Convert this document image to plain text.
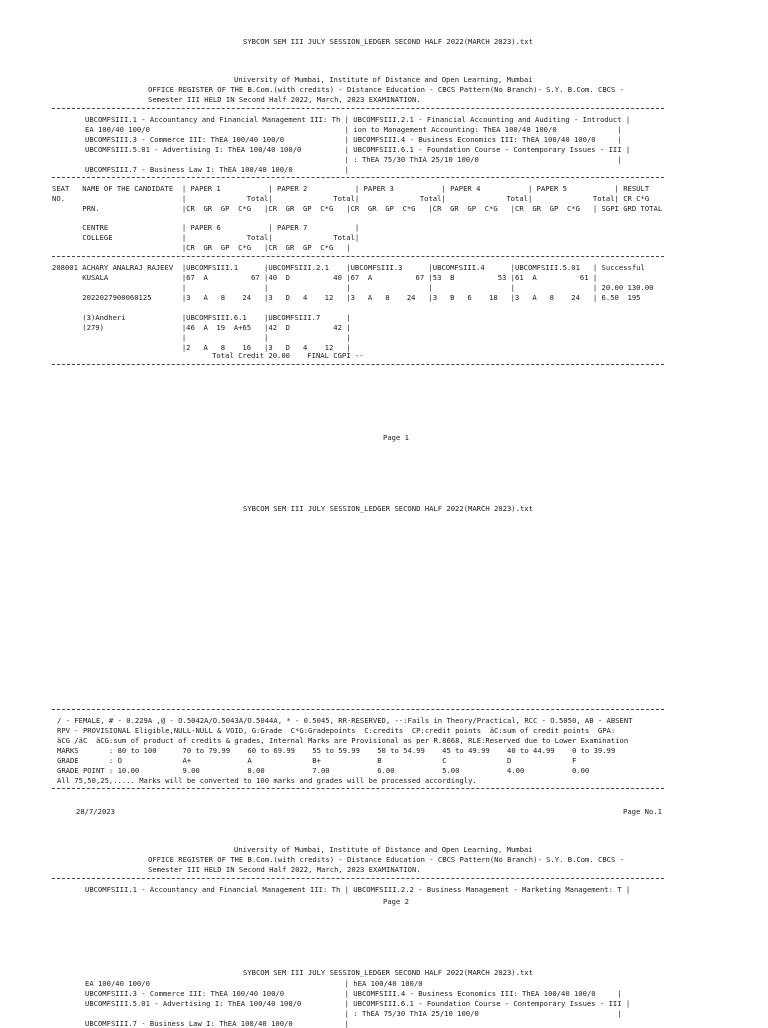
SYBCOM SEM III JULY SESSION_LEDGER SECOND HALF 2022(MARCH 2023).txt
University of Mumbai, Institute of Distance and Open Learning, Mumbai
OFFICE REGISTER OF THE B.Com.(with credits) - Distance Education - CBCS Pattern(No Branch)- S.Y. B.Com. CBCS -
Semester III HELD IN Second Half 2022, March, 2023 EXAMINATION.
UBCOMFSIII.1 - Accountancy and Financial Management III: Th | UBCOMFSIII.2.1 - Financial Accounting and Auditing - Introduct |
EA 100/40 100/0                                             | ion to Management Accounting: ThEA 100/40 100/0              |
UBCOMFSIII.3 - Commerce III: ThEA 100/40 100/0              | UBCOMFSIII.4 - Business Economics III: ThEA 100/40 100/0     |
UBCOMFSIII.5.01 - Advertising I: ThEA 100/40 100/0          | UBCOMFSIII.6.1 - Foundation Course - Contemporary Issues - III |
| : ThEA 75/30 ThIA 25/10 100/0                                |
UBCOMFSIII.7 - Business Law I: ThEA 100/40 100/0            |
SEAT   NAME OF THE CANDIDATE  | PAPER 1           | PAPER 2           | PAPER 3           | PAPER 4           | PAPER 5           | RESULT
NO.                           |              Total|              Total|              Total|              Total|              Total| CR C*G
PRN.                   |CR  GR  GP  C*G   |CR  GR  GP  C*G   |CR  GR  GP  C*G   |CR  GR  GP  C*G   |CR  GR  GP  C*G   | SGPI GRD TOTAL
CENTRE                 | PAPER 6           | PAPER 7           |
COLLEGE                |              Total|              Total|
|CR  GR  GP  C*G   |CR  GR  GP  C*G   |
208001 ACHARY ANALRAJ RAJEEV  |UBCOMFSIII.1      |UBCOMFSIII.2.1    |UBCOMFSIII.3      |UBCOMFSIII.4      |UBCOMFSIII.5.01   | Successful
KUSALA                 |67  A          67 |40  D          40 |67  A          67 |53  B          53 |61  A          61 |
|                  |                  |                  |                  |                  | 20.00 130.00
2022027900060125       |3   A   8    24   |3   D   4    12   |3   A   8    24   |3   B   6    18   |3   A   8    24   | 6.50  195
(3)Andheri             |UBCOMFSIII.6.1    |UBCOMFSIII.7      |
(279)                  |46  A  19  A+65   |42  D          42 |
|                  |                  |
|2   A   8    16   |3   D   4    12   |
Total Credit 20.00    FINAL CGPI --
Page 1
SYBCOM SEM III JULY SESSION_LEDGER SECOND HALF 2022(MARCH 2023).txt
/ - FEMALE, # - 0.229A ,@ - O.5042A/O.5043A/O.5044A, * - 0.5045, RR-RESERVED, --:Fails in Theory/Practical, RCC - O.5050, AB - ABSENT
RPV - PROVISIONAL Eligible,NULL-NULL & VOID, G:Grade  C*G:Gradepoints  C:credits  CP:credit points  äC:sum of credit points  GPA:
äCG /äC  äCG:sum of product of credits & grades, Internal Marks are Provisional as per R.8668, RLE:Reserved due to Lower Examination
MARKS       : 80 to 100      70 to 79.99    60 to 69.99    55 to 59.99    50 to 54.99    45 to 49.99    40 to 44.99    0 to 39.99
GRADE       : O              A+             A              B+             B              C              D              F
GRADE POINT : 10.00          9.00           8.00           7.00           6.00           5.00           4.00           0.00
All 75,50,25,..... Marks will be converted to 100 marks and grades will be processed accordingly.
28/7/2023	Page No.1
University of Mumbai, Institute of Distance and Open Learning, Mumbai
OFFICE REGISTER OF THE B.Com.(with credits) - Distance Education - CBCS Pattern(No Branch)- S.Y. B.Com. CBCS -
Semester III HELD IN Second Half 2022, March, 2023 EXAMINATION.
UBCOMFSIII.1 - Accountancy and Financial Management III: Th | UBCOMFSIII.2.2 - Business Management - Marketing Management: T |
Page 2
SYBCOM SEM III JULY SESSION_LEDGER SECOND HALF 2022(MARCH 2023).txt
EA 100/40 100/0                                             | hEA 100/40 100/0
UBCOMFSIII.3 - Commerce III: ThEA 100/40 100/0              | UBCOMFSIII.4 - Business Economics III: ThEA 100/40 100/0     |
UBCOMFSIII.5.01 - Advertising I: ThEA 100/40 100/0          | UBCOMFSIII.6.1 - Foundation Course - Contemporary Issues - III |
| : ThEA 75/30 ThIA 25/10 100/0                                |
UBCOMFSIII.7 - Business Law I: ThEA 100/40 100/0            |
